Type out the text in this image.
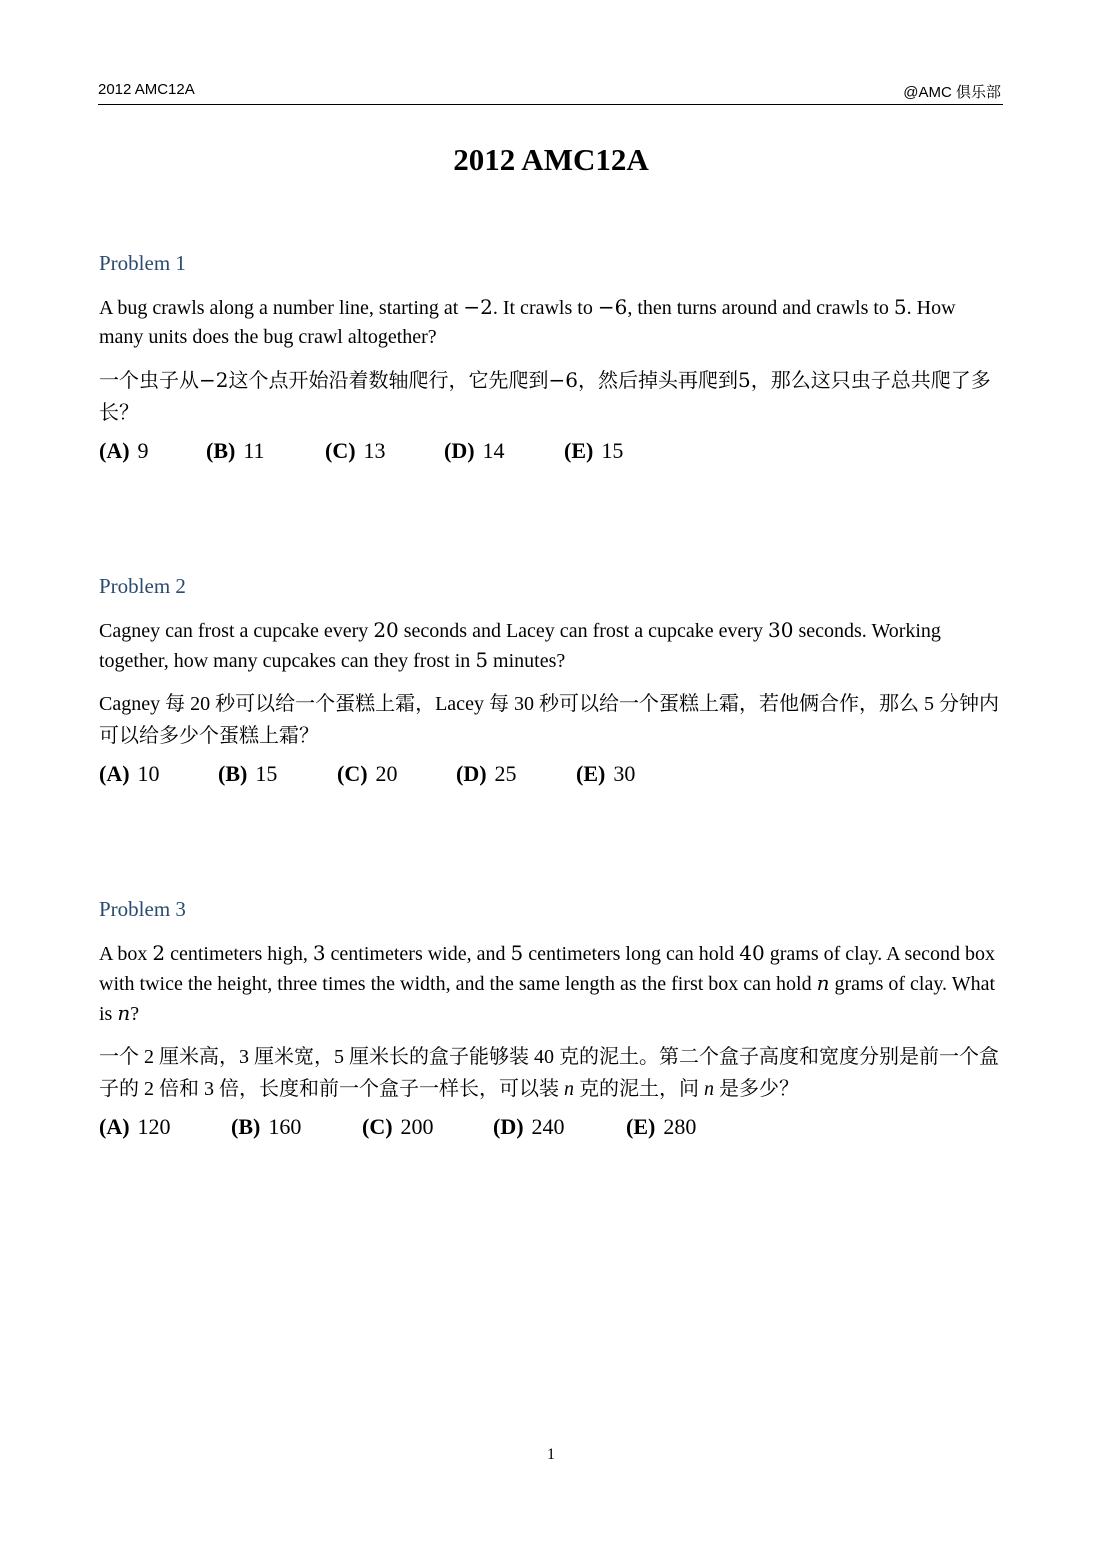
2012 AMC12A	@AMC 俱乐部
2012 AMC12A
Problem 1
A bug crawls along a number line, starting at −2. It crawls to −6, then turns around and crawls to 5. How many units does the bug crawl altogether?
一个虫子从−2这个点开始沿着数轴爬行，它先爬到−6，然后掉头再爬到5，那么这只虫子总共爬了多长？
(A) 9	(B) 11	(C) 13	(D) 14	(E) 15
Problem 2
Cagney can frost a cupcake every 20 seconds and Lacey can frost a cupcake every 30 seconds. Working together, how many cupcakes can they frost in 5 minutes?
Cagney 每 20 秒可以给一个蛋糕上霜，Lacey 每 30 秒可以给一个蛋糕上霜，若他俩合作，那么 5 分钟内可以给多少个蛋糕上霜？
(A) 10	(B) 15	(C) 20	(D) 25	(E) 30
Problem 3
A box 2 centimeters high, 3 centimeters wide, and 5 centimeters long can hold 40 grams of clay. A second box with twice the height, three times the width, and the same length as the first box can hold n grams of clay. What is n?
一个 2 厘米高，3 厘米宽，5 厘米长的盒子能够装 40 克的泥土。第二个盒子高度和宽度分别是前一个盒子的 2 倍和 3 倍，长度和前一个盒子一样长，可以装 n 克的泥土，问 n 是多少？
(A) 120	(B) 160	(C) 200	(D) 240	(E) 280
1
